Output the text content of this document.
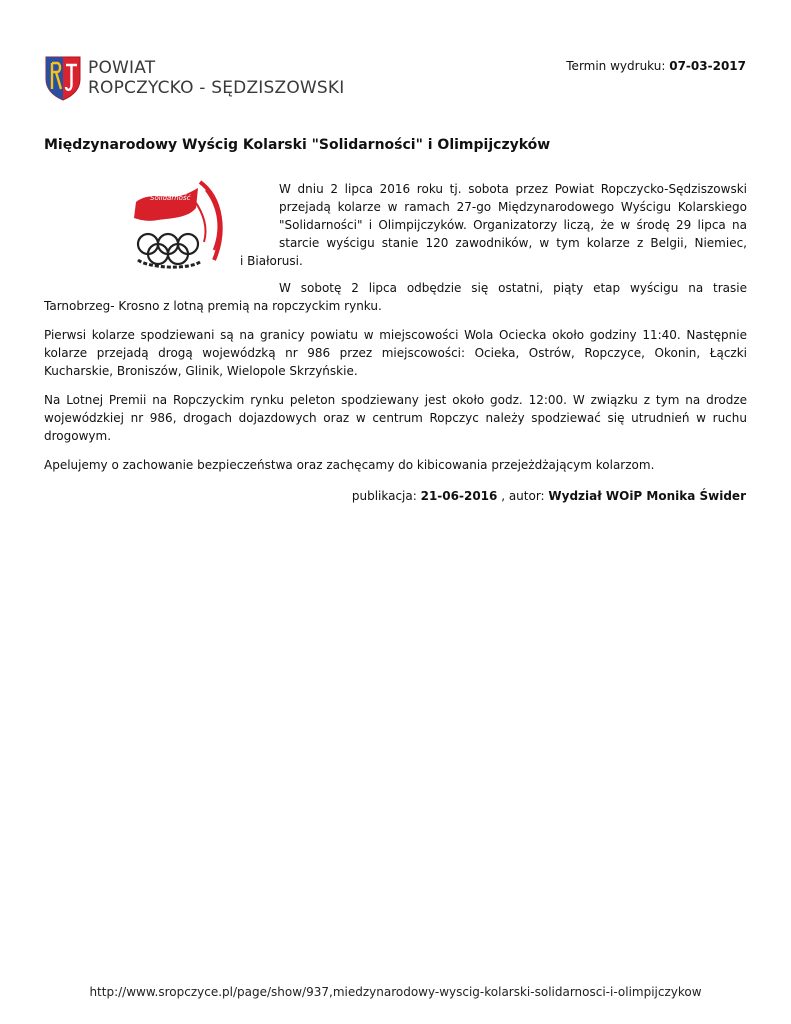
POWIAT
ROPCZYCKO - SĘDZISZOWSKI
Termin wydruku: 07-03-2017
Międzynarodowy Wyścig Kolarski "Solidarności" i Olimpijczyków
Solidarność
W dniu 2 lipca 2016 roku tj. sobota przez Powiat Ropczycko-Sędziszowski
przejadą kolarze w ramach 27-go Międzynarodowego Wyścigu Kolarskiego
"Solidarności" i Olimpijczyków. Organizatorzy liczą, że w środę 29 lipca na
starcie wyścigu stanie 120 zawodników, w tym kolarze z Belgii, Niemiec,
i Białorusi.

W sobotę 2 lipca odbędzie się ostatni, piąty etap wyścigu na trasie Tarnobrzeg- Krosno z lotną premią na ropczyckim rynku.

Pierwsi kolarze spodziewani są na granicy powiatu w miejscowości Wola Ociecka około godziny 11:40. Następnie kolarze przejadą drogą wojewódzką nr 986 przez miejscowości: Ocieka, Ostrów, Ropczyce, Okonin, Łączki Kucharskie, Broniszów, Glinik, Wielopole Skrzyńskie.

Na Lotnej Premii na Ropczyckim rynku peleton spodziewany jest około godz. 12:00. W związku z tym na drodze wojewódzkiej nr 986, drogach dojazdowych oraz w centrum Ropczyc należy spodziewać się utrudnień w ruchu drogowym.

Apelujemy o zachowanie bezpieczeństwa oraz zachęcamy do kibicowania przejeżdżającym kolarzom.

publikacja: 21-06-2016 , autor: Wydział WOiP Monika Świder
http://www.sropczyce.pl/page/show/937,miedzynarodowy-wyscig-kolarski-solidarnosci-i-olimpijczykow
